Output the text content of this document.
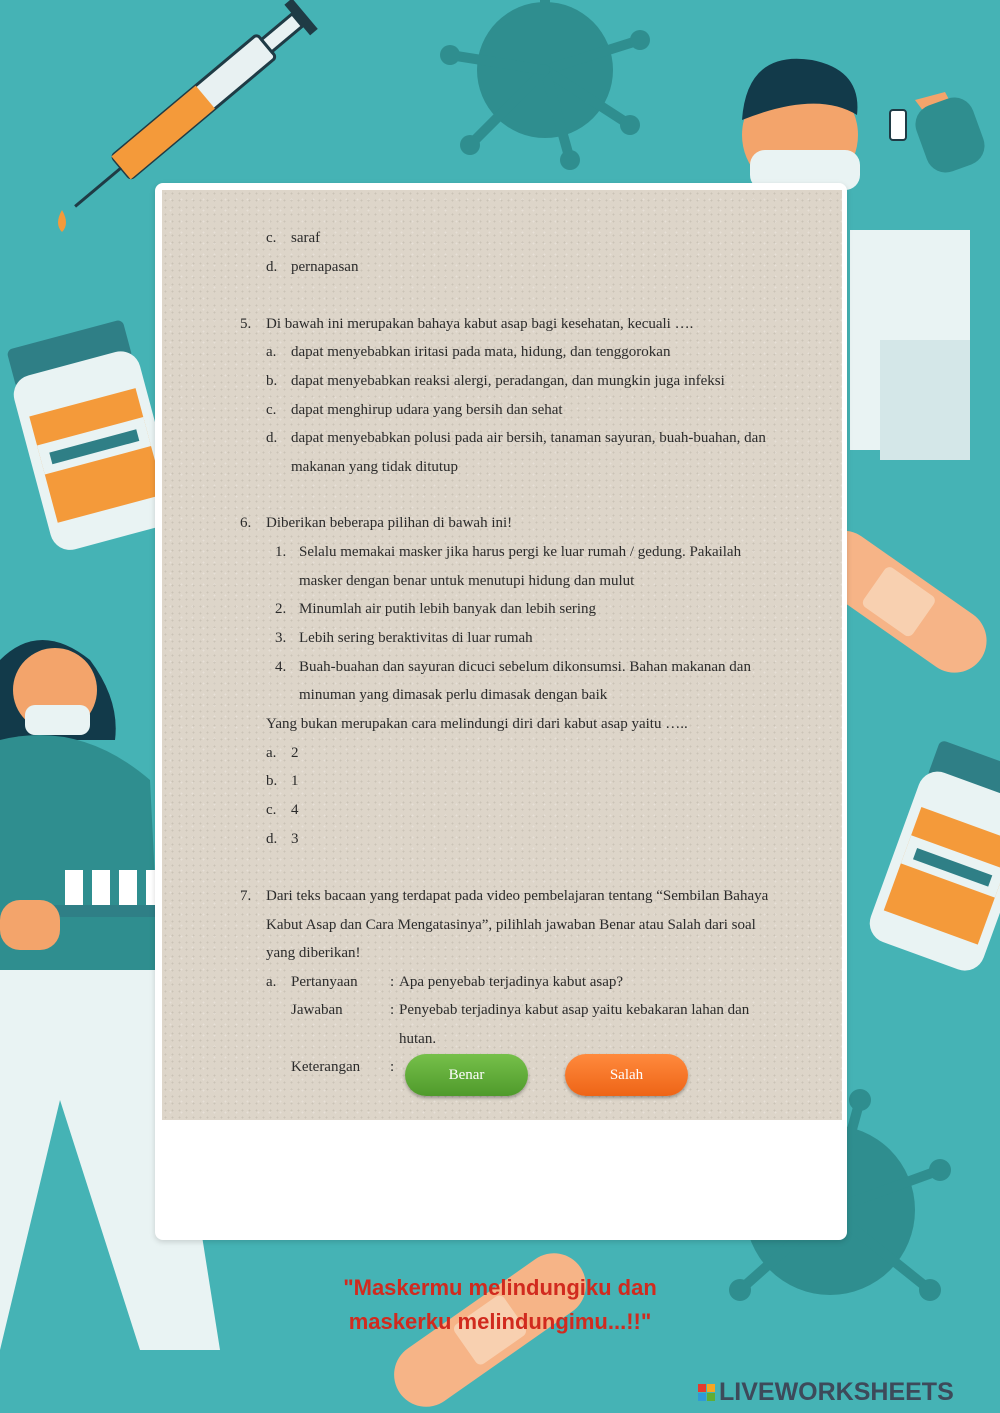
c. saraf
d. pernapasan
5. Di bawah ini merupakan bahaya kabut asap bagi kesehatan, kecuali ….
a. dapat menyebabkan iritasi pada mata, hidung, dan tenggorokan
b. dapat menyebabkan reaksi alergi, peradangan, dan mungkin juga infeksi
c. dapat menghirup udara yang bersih dan sehat
d. dapat menyebabkan polusi pada air bersih, tanaman sayuran, buah-buahan, dan
makanan yang tidak ditutup
6. Diberikan beberapa pilihan di bawah ini!
1. Selalu memakai masker jika harus pergi ke luar rumah / gedung. Pakailah
masker dengan benar untuk menutupi hidung dan mulut
2. Minumlah air putih lebih banyak dan lebih sering
3. Lebih sering beraktivitas di luar rumah
4. Buah-buahan dan sayuran dicuci sebelum dikonsumsi. Bahan makanan dan
minuman yang dimasak perlu dimasak dengan baik
Yang bukan merupakan cara melindungi diri dari kabut asap yaitu …..
a. 2
b. 1
c. 4
d. 3
7. Dari teks bacaan yang terdapat pada video pembelajaran tentang “Sembilan Bahaya
Kabut Asap dan Cara Mengatasinya”, pilihlah jawaban Benar atau Salah dari soal
yang diberikan!
a. Pertanyaan : Apa penyebab terjadinya kabut asap?
Jawaban	: Penyebab terjadinya kabut asap yaitu kebakaran lahan dan
hutan.
Keterangan :	Benar	Salah
"Maskermu melindungiku dan
maskerku melindungimu...!!"
LIVEWORKSHEETS
